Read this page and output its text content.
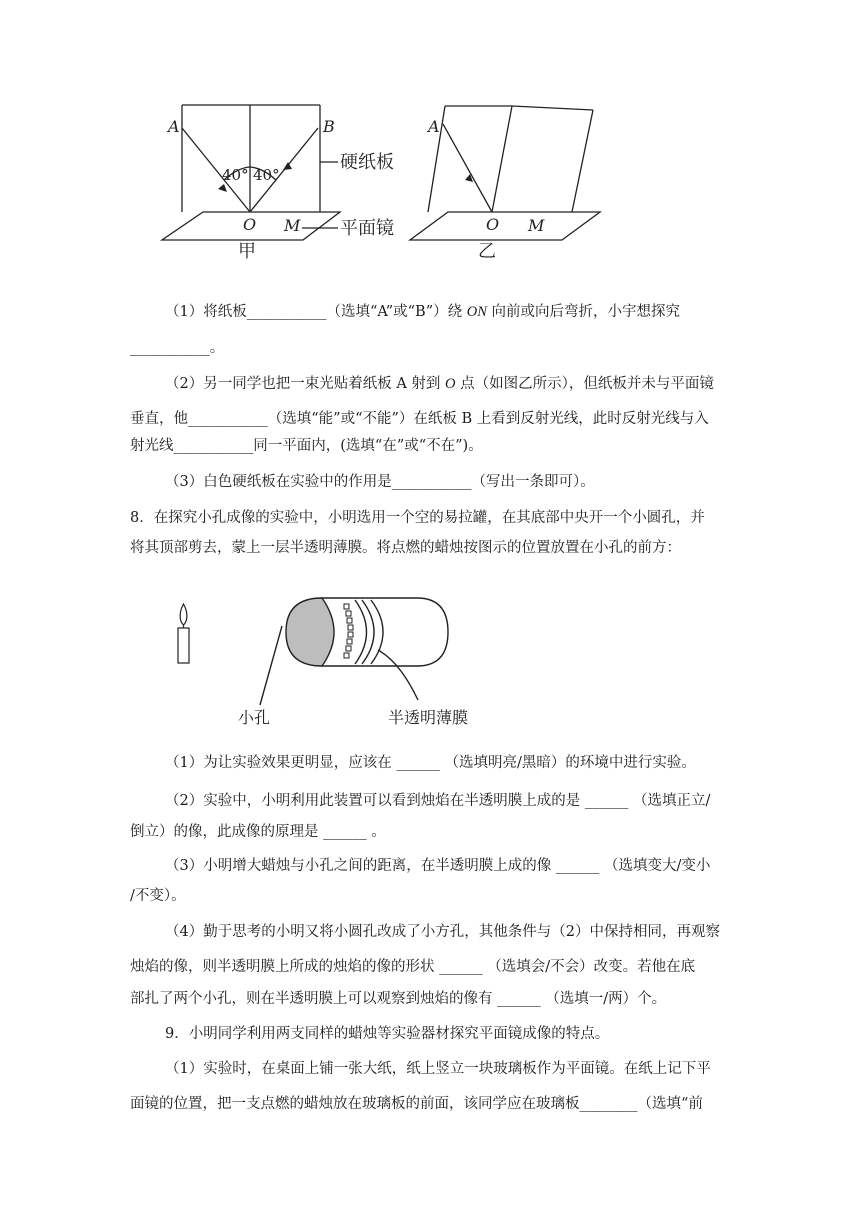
A	B
40° 40°
O M
硬纸板
平面镜
甲
A
O M
乙
（1）将纸板___________（选填“A”或“B”）绕 ON 向前或向后弯折，小宇想探究
___________。
（2）另一同学也把一束光贴着纸板 A 射到 O 点（如图乙所示），但纸板并未与平面镜
垂直，他___________（选填“能”或“不能”）在纸板 B 上看到反射光线，此时反射光线与入
射光线___________同一平面内，(选填“在”或“不在”)。
（3）白色硬纸板在实验中的作用是___________（写出一条即可）。
8．在探究小孔成像的实验中，小明选用一个空的易拉罐，在其底部中央开一个小圆孔，并
将其顶部剪去，蒙上一层半透明薄膜。将点燃的蜡烛按图示的位置放置在小孔的前方：
小孔	半透明薄膜
（1）为让实验效果更明显，应该在 ______ （选填明亮/黑暗）的环境中进行实验。
（2）实验中，小明利用此装置可以看到烛焰在半透明膜上成的是 ______ （选填正立/
倒立）的像，此成像的原理是 ______ 。
（3）小明增大蜡烛与小孔之间的距离，在半透明膜上成的像 ______ （选填变大/变小
/不变）。
（4）勤于思考的小明又将小圆孔改成了小方孔，其他条件与（2）中保持相同，再观察
烛焰的像，则半透明膜上所成的烛焰的像的形状 ______ （选填会/不会）改变。若他在底
部扎了两个小孔，则在半透明膜上可以观察到烛焰的像有 ______ （选填一/两）个。
9．小明同学利用两支同样的蜡烛等实验器材探究平面镜成像的特点。
（1）实验时，在桌面上铺一张大纸，纸上竖立一块玻璃板作为平面镜。在纸上记下平
面镜的位置，把一支点燃的蜡烛放在玻璃板的前面，该同学应在玻璃板________（选填“前
